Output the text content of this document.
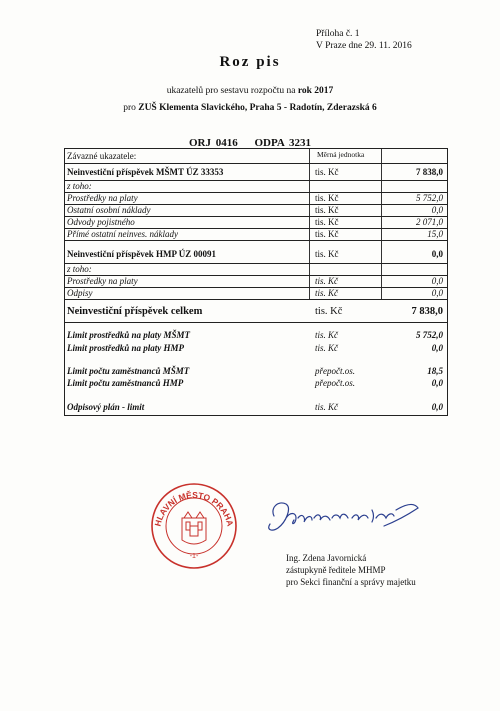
Příloha č. 1
V Praze dne 29. 11. 2016
Roz pis
ukazatelů pro sestavu rozpočtu na rok 2017
pro ZUŠ Klementa Slavického, Praha 5 - Radotín, Zderazská 6
ORJ 0416 ODPA 3231
Závazné ukazatele:	Měrná jednotka
Neinvestiční příspěvek MŠMT ÚZ 33353	tis. Kč	7 838,0
z toho:
Prostředky na platy	tis. Kč	5 752,0
Ostatní osobní náklady	tis. Kč	0,0
Odvody pojistného	tis. Kč	2 071,0
Přímé ostatní neinves. náklady	tis. Kč	15,0
Neinvestiční příspěvek HMP ÚZ 00091	tis. Kč	0,0
z toho:
Prostředky na platy	tis. Kč	0,0
Odpisy	tis. Kč	0,0
Neinvestiční příspěvek celkem	tis. Kč	7 838,0
Limit prostředků na platy MŠMT	tis. Kč	5 752,0
Limit prostředků na platy HMP	tis. Kč	0,0
Limit počtu zaměstnanců MŠMT	přepočt.os.	18,5
Limit počtu zaměstnanců HMP	přepočt.os.	0,0
Odpisový plán - limit	tis. Kč	0,0
HLAVNÍ MĚSTO PRAHA
-1-	Ing. Zdena Javornická
zástupkyně ředitele MHMP
pro Sekci finanční a správy majetku
